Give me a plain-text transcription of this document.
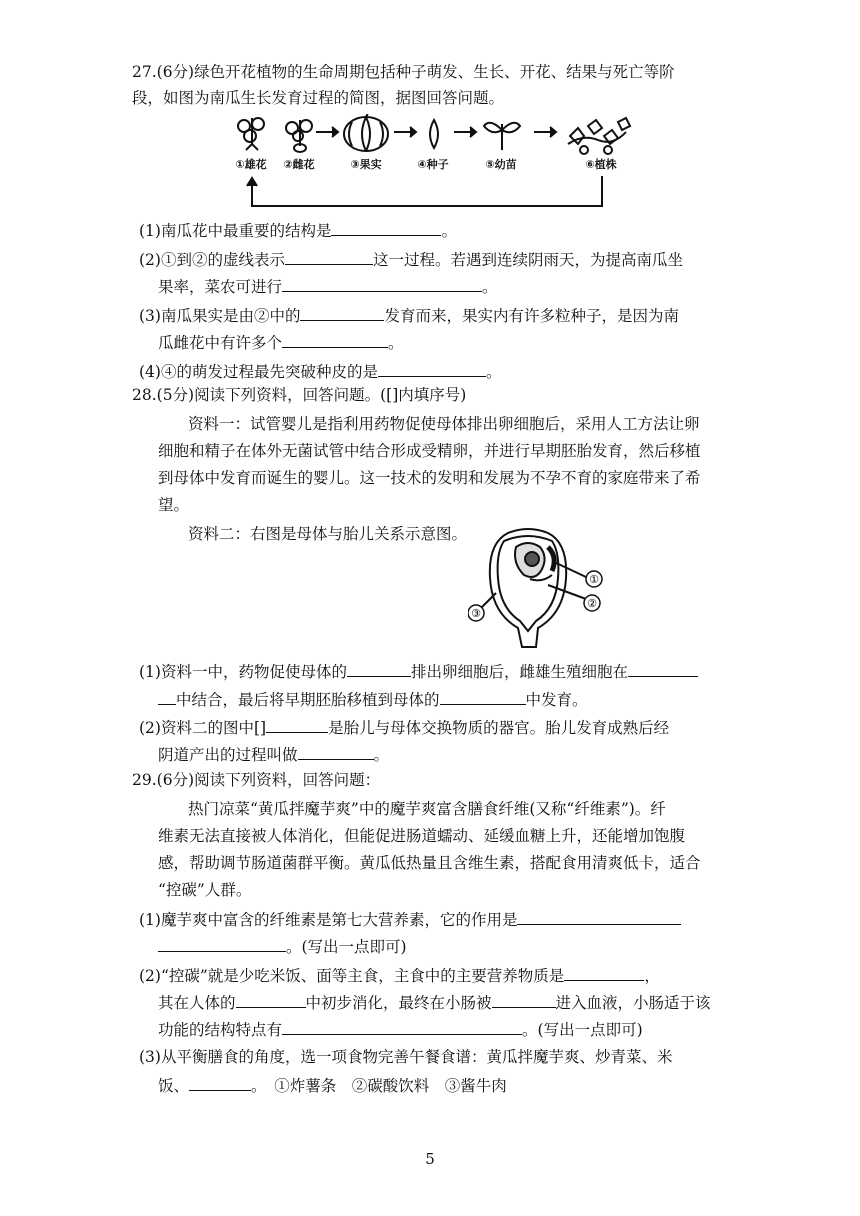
27.(6分)绿色开花植物的生命周期包括种子萌发、生长、开花、结果与死亡等阶
段，如图为南瓜生长发育过程的简图，据图回答问题。
①雄花	②雌花	③果实	④种子	⑤幼苗	⑥植株
(1)南瓜花中最重要的结构是	。
(2)①到②的虚线表示	这一过程。若遇到连续阴雨天，为提高南瓜坐
果率，菜农可进行	。
(3)南瓜果实是由②中的	发育而来，果实内有许多粒种子，是因为南
瓜雌花中有许多个	。
(4)④的萌发过程最先突破种皮的是	。
28.(5分)阅读下列资料，回答问题。([]内填序号)
资料一：试管婴儿是指利用药物促使母体排出卵细胞后，采用人工方法让卵
细胞和精子在体外无菌试管中结合形成受精卵，并进行早期胚胎发育，然后移植
到母体中发育而诞生的婴儿。这一技术的发明和发展为不孕不育的家庭带来了希
望。
资料二：右图是母体与胎儿关系示意图。
①
②
③
(1)资料一中，药物促使母体的	排出卵细胞后，雌雄生殖细胞在
中结合，最后将早期胚胎移植到母体的	中发育。
(2)资料二的图中[]	是胎儿与母体交换物质的器官。胎儿发育成熟后经
阴道产出的过程叫做	。
29.(6分)阅读下列资料，回答问题：
热门凉菜“黄瓜拌魔芋爽”中的魔芋爽富含膳食纤维(又称“纤维素”)。纤
维素无法直接被人体消化，但能促进肠道蠕动、延缓血糖上升，还能增加饱腹
感，帮助调节肠道菌群平衡。黄瓜低热量且含维生素，搭配食用清爽低卡，适合
“控碳”人群。
(1)魔芋爽中富含的纤维素是第七大营养素，它的作用是
。(写出一点即可)
(2)“控碳”就是少吃米饭、面等主食，主食中的主要营养物质是	，
其在人体的	中初步消化，最终在小肠被	进入血液，小肠适于该
功能的结构特点有	。(写出一点即可)
(3)从平衡膳食的角度，选一项食物完善午餐食谱：黄瓜拌魔芋爽、炒青菜、米
饭、	。　①炸薯条　②碳酸饮料　③酱牛肉
5
